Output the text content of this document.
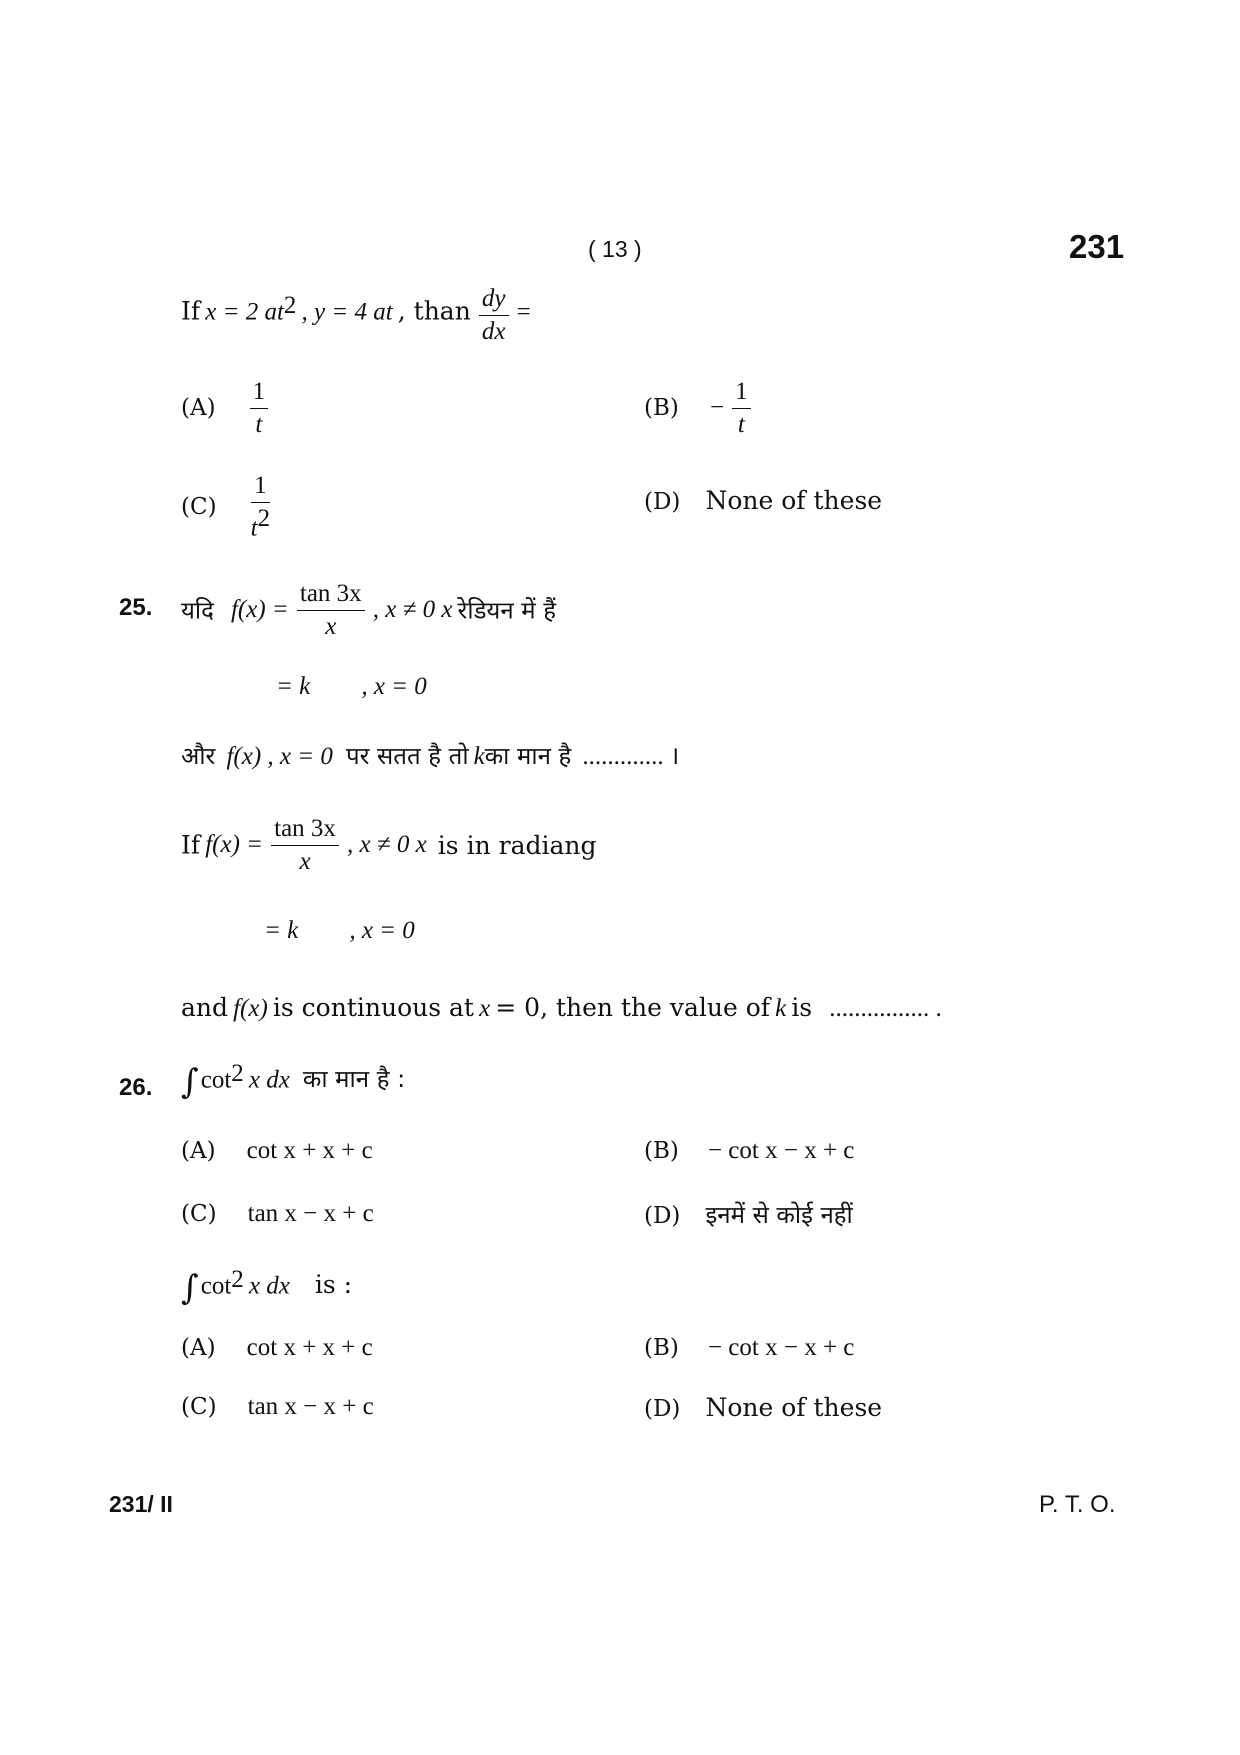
( 13 )	231
If x = 2 $at^2$ , y = 4 at , than $\frac{dy}{dx}$ =
$(A) \frac{1}{t}$	$(B) - \frac{1}{t}$
$(C) \frac{1}{t^2}$	(D) None of these
25. यदि $f(x) = \frac{\tan 3x}{x}$ , x ≠ 0 x रेडियन में हैं
= k , x = 0
और f(x) , x = 0 पर सतत है तो kका मान है ............. ।
If $f(x) = \frac{\tan 3x}{x}$ , x ≠ 0 x is in radiang
= k , x = 0
and f(x) is continuous at x = 0, then the value of k is ................ .
26. $\int\cot^2$ x dx का मान है :
(A) cot x + x + c	(B) − cot x − x + c
(C) tan x − x + c	(D) इनमें से कोई नहीं
$\int\cot^2$ x dx is :
(A) cot x + x + c	(B) − cot x − x + c
(C) tan x − x + c	(D) None of these
231/ II	P. T. O.
